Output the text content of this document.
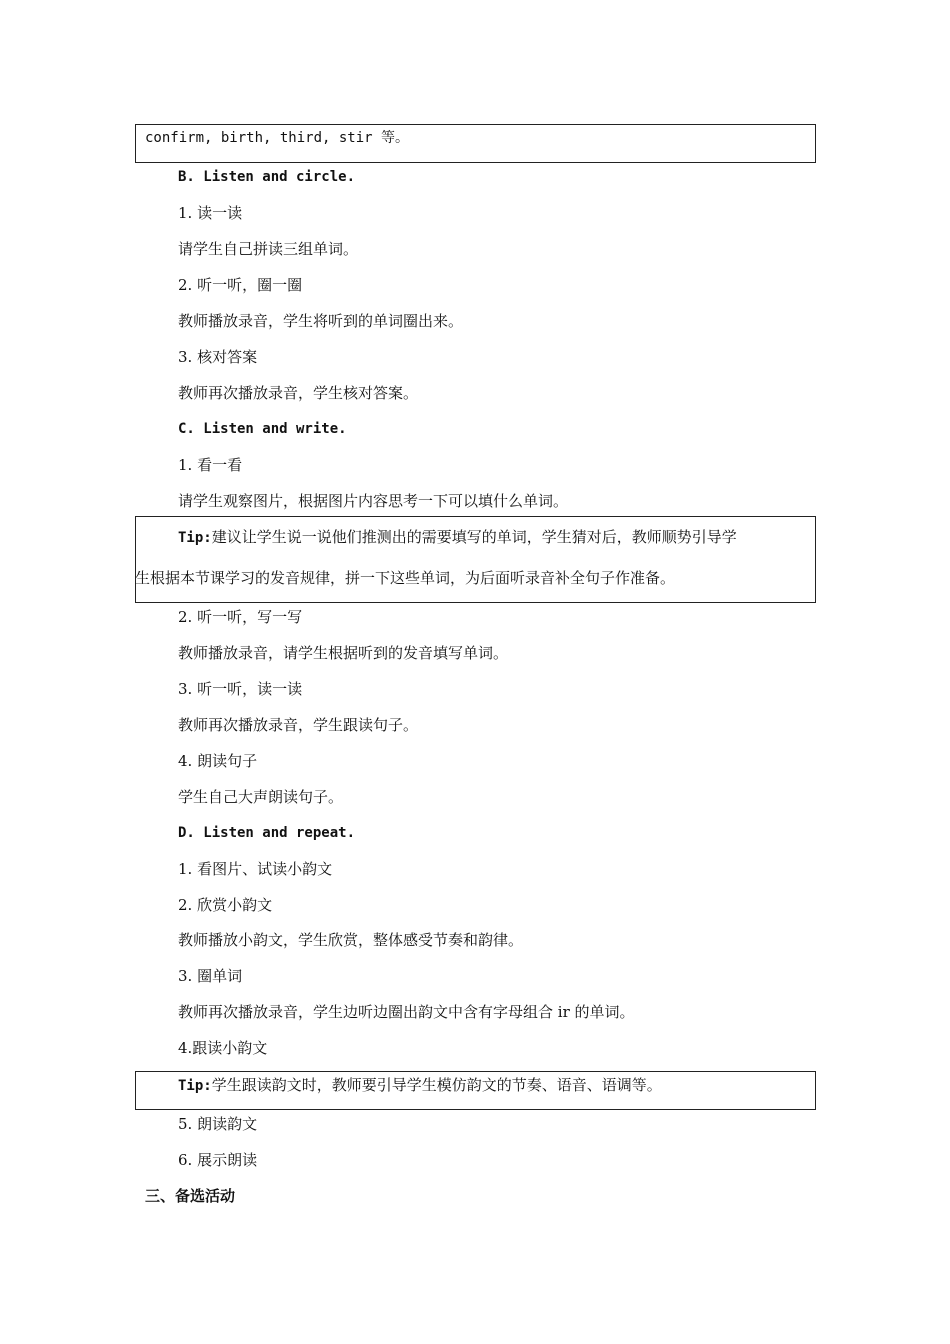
confirm, birth, third, stir 等。
B. Listen and circle.
1. 读一读
请学生自己拼读三组单词。
2. 听一听，圈一圈
教师播放录音，学生将听到的单词圈出来。
3. 核对答案
教师再次播放录音，学生核对答案。
C. Listen and write.
1. 看一看
请学生观察图片，根据图片内容思考一下可以填什么单词。
Tip:建议让学生说一说他们推测出的需要填写的单词，学生猜对后，教师顺势引导学
生根据本节课学习的发音规律，拼一下这些单词，为后面听录音补全句子作准备。
2. 听一听，写一写
教师播放录音，请学生根据听到的发音填写单词。
3. 听一听，读一读
教师再次播放录音，学生跟读句子。
4. 朗读句子
学生自己大声朗读句子。
D. Listen and repeat.
1. 看图片、试读小韵文
2. 欣赏小韵文
教师播放小韵文，学生欣赏，整体感受节奏和韵律。
3. 圈单词
教师再次播放录音，学生边听边圈出韵文中含有字母组合 ir 的单词。
4.跟读小韵文
Tip:学生跟读韵文时，教师要引导学生模仿韵文的节奏、语音、语调等。
5. 朗读韵文
6. 展示朗读
三、备选活动
